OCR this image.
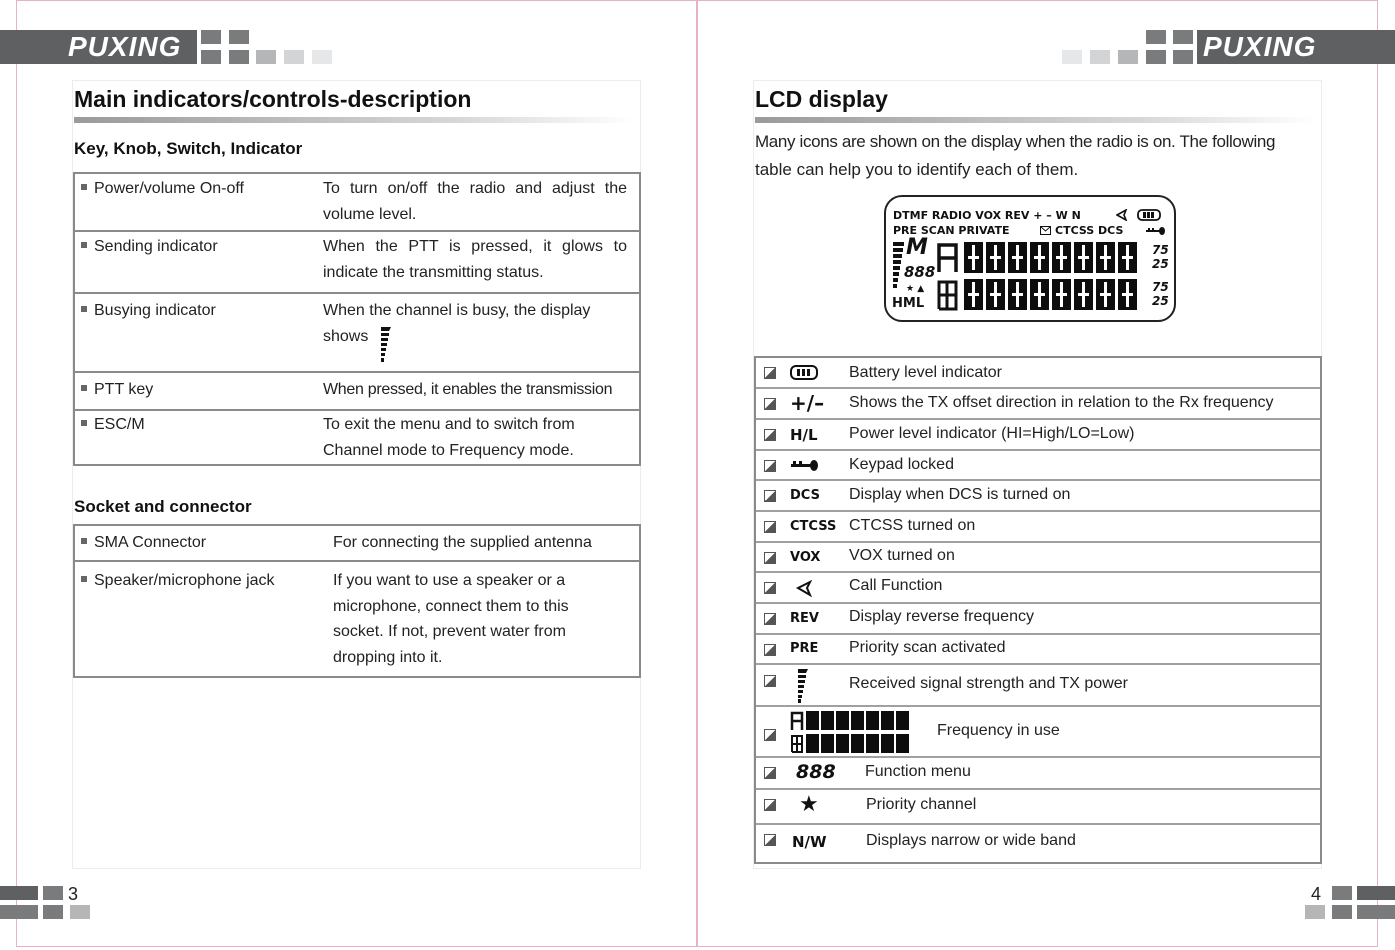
PUXING	PUXING
Main indicators/controls-description
Key, Knob, Switch, Indicator
Power/volume On-off	To turn on/off the radio and adjust the
volume level.

Sending indicator	When the PTT is pressed, it glows to
indicate the transmitting status.

Busying indicator	When the channel is busy, the display
shows

PTT key	When pressed, it enables the transmission

ESC/M	To exit the menu and to switch from
Channel mode to Frequency mode.
Socket and connector
SMA Connector	For connecting the supplied antenna

Speaker/microphone jack	If you want to use a speaker or a
microphone, connect them to this
socket. If not, prevent water from
dropping into it.
LCD display
Many icons are shown on the display when the radio is on. The following
table can help you to identify each of them.
DTMF RADIO VOX REV + – W N
PRE SCAN PRIVATE	CTCSS DCS
M
888
★ ▲
HML
75
25
75
25
Battery level indicator
+/– Shows the TX offset direction in relation to the Rx frequency
H/L Power level indicator (HI=High/LO=Low)
Keypad locked
DCS Display when DCS is turned on
CTCSS CTCSS turned on
VOX VOX turned on
Call Function
REV Display reverse frequency
PRE Priority scan activated
Received signal strength and TX power
Frequency in use
888 Function menu
★	Priority channel
N/W Displays narrow or wide band
3	4
